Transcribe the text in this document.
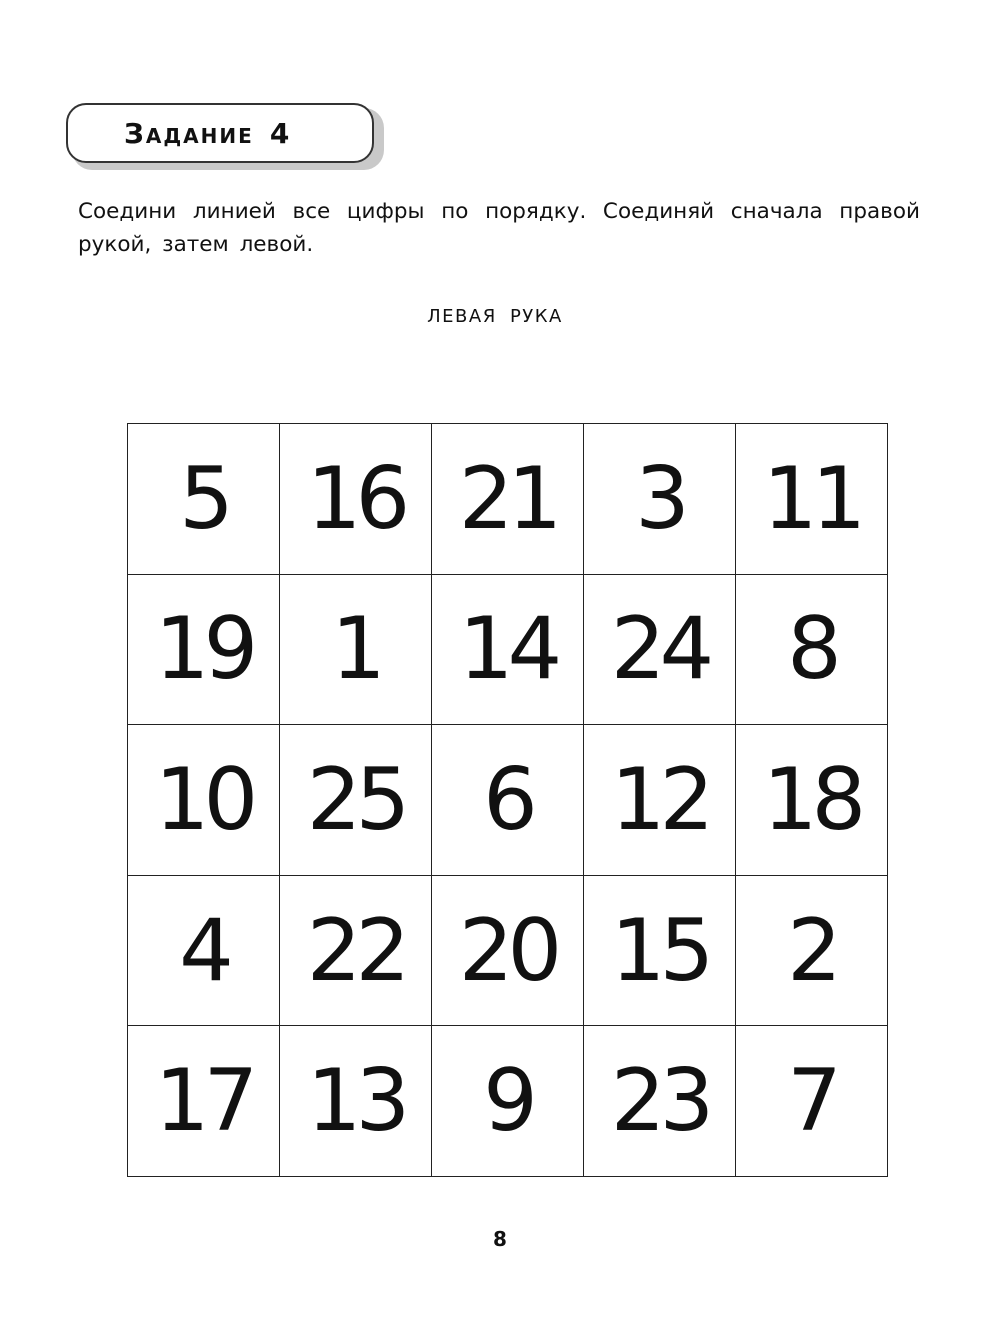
Задание 4
Соедини линией все цифры по порядку. Соединяй сначала правой рукой, затем левой.
ЛЕВАЯ РУКА
5	16	21	3	11
19	1	14	24	8
10	25	6	12	18
4	22	20	15	2
17	13	9	23	7
8
